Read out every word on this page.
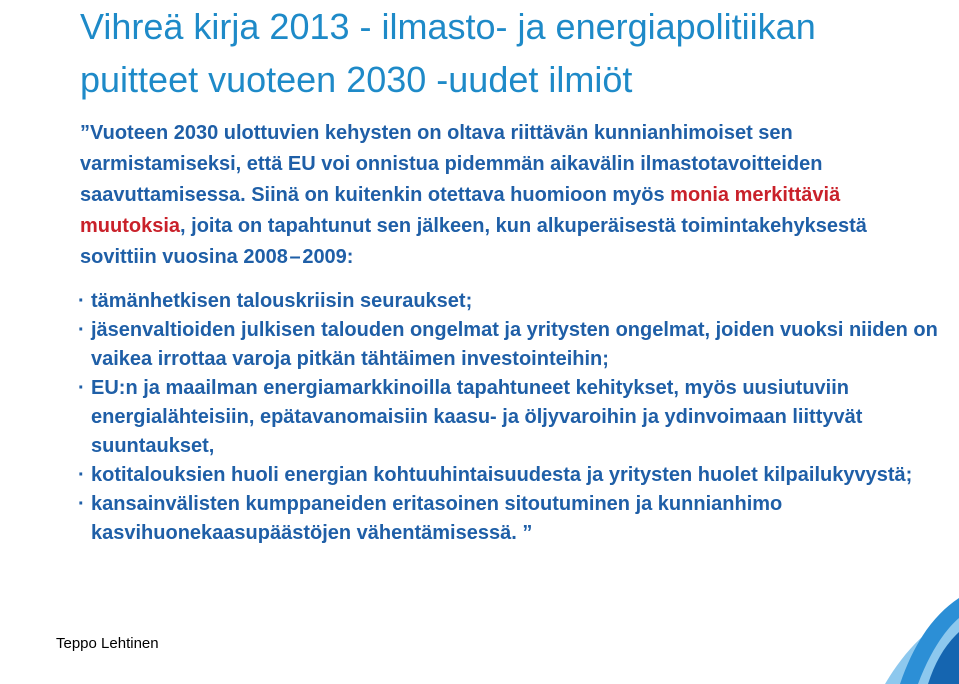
Vihreä kirja 2013 - ilmasto- ja energiapolitiikan
puitteet vuoteen 2030 -uudet ilmiöt
”Vuoteen 2030 ulottuvien kehysten on oltava riittävän kunnianhimoiset sen varmistamiseksi, että EU voi onnistua pidemmän aikavälin ilmastotavoitteiden saavuttamisessa. Siinä on kuitenkin otettava huomioon myös monia merkittäviä muutoksia, joita on tapahtunut sen jälkeen, kun alkuperäisestä toimintakehyksestä sovittiin vuosina 2008 – 2009:
· tämänhetkisen talouskriisin seuraukset;
· jäsenvaltioiden julkisen talouden ongelmat ja yritysten ongelmat, joiden vuoksi niiden on vaikea irrottaa varoja pitkän tähtäimen investointeihin;
· EU:n ja maailman energiamarkkinoilla tapahtuneet kehitykset, myös uusiutuviin energialähteisiin, epätavanomaisiin kaasu- ja öljyvaroihin ja ydinvoimaan liittyvät suuntaukset,
· kotitalouksien huoli energian kohtuuhintaisuudesta ja yritysten huolet kilpailukyvystä;
· kansainvälisten kumppaneiden eritasoinen sitoutuminen ja kunnianhimo kasvihuonekaasupäästöjen vähentämisessä. ”
Teppo Lehtinen
